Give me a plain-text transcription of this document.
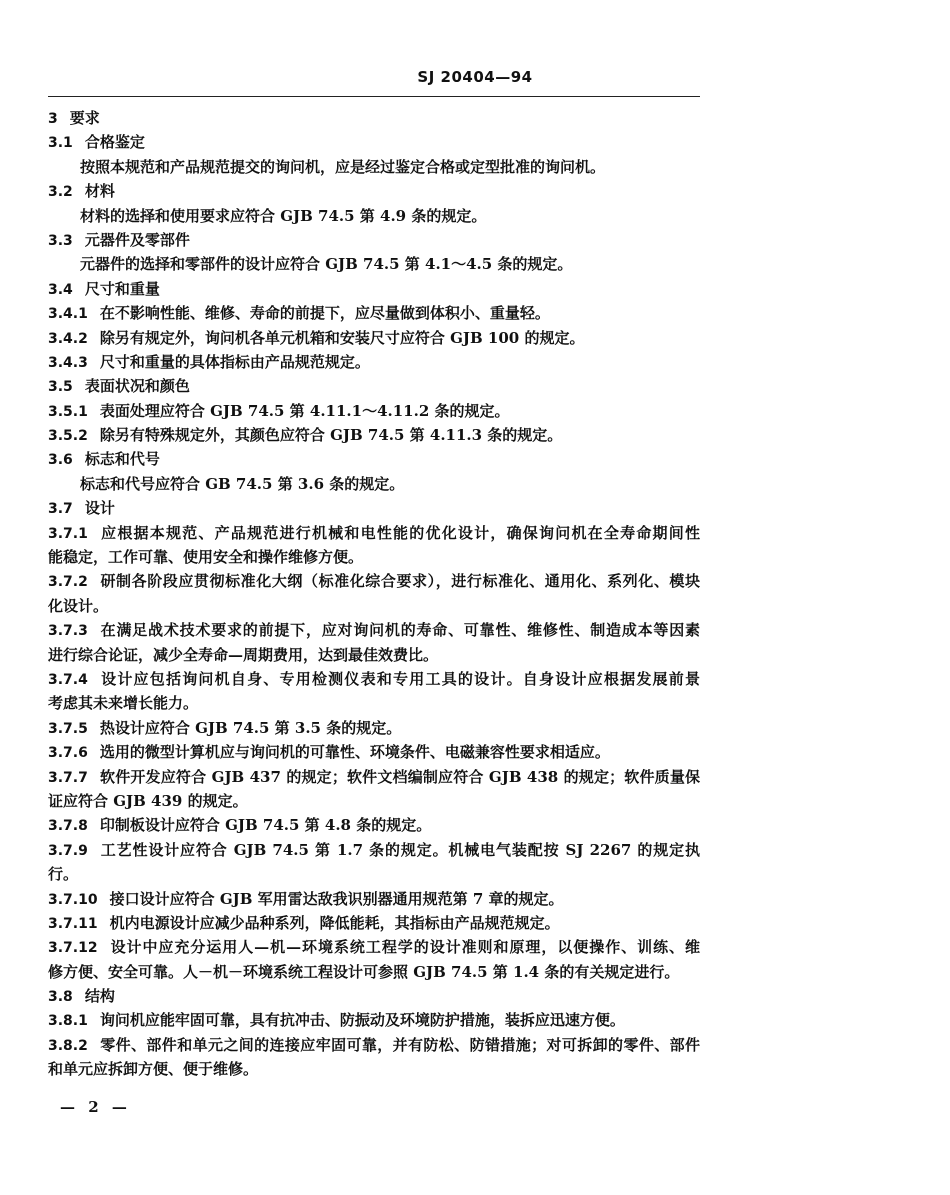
SJ 20404—94
3 要求
3.1 合格鉴定
按照本规范和产品规范提交的询问机，应是经过鉴定合格或定型批准的询问机。
3.2 材料
材料的选择和使用要求应符合 GJB 74.5 第 4.9 条的规定。
3.3 元器件及零部件
元器件的选择和零部件的设计应符合 GJB 74.5 第 4.1～4.5 条的规定。
3.4 尺寸和重量
3.4.1 在不影响性能、维修、寿命的前提下，应尽量做到体积小、重量轻。
3.4.2 除另有规定外，询问机各单元机箱和安装尺寸应符合 GJB 100 的规定。
3.4.3 尺寸和重量的具体指标由产品规范规定。
3.5 表面状况和颜色
3.5.1 表面处理应符合 GJB 74.5 第 4.11.1～4.11.2 条的规定。
3.5.2 除另有特殊规定外，其颜色应符合 GJB 74.5 第 4.11.3 条的规定。
3.6 标志和代号
标志和代号应符合 GB 74.5 第 3.6 条的规定。
3.7 设计
3.7.1 应根据本规范、产品规范进行机械和电性能的优化设计，确保询问机在全寿命期间性
能稳定，工作可靠、使用安全和操作维修方便。
3.7.2 研制各阶段应贯彻标准化大纲（标准化综合要求），进行标准化、通用化、系列化、模块
化设计。
3.7.3 在满足战术技术要求的前提下，应对询问机的寿命、可靠性、维修性、制造成本等因素
进行综合论证，减少全寿命—周期费用，达到最佳效费比。
3.7.4 设计应包括询问机自身、专用检测仪表和专用工具的设计。自身设计应根据发展前景
考虑其未来增长能力。
3.7.5 热设计应符合 GJB 74.5 第 3.5 条的规定。
3.7.6 选用的微型计算机应与询问机的可靠性、环境条件、电磁兼容性要求相适应。
3.7.7 软件开发应符合 GJB 437 的规定；软件文档编制应符合 GJB 438 的规定；软件质量保
证应符合 GJB 439 的规定。
3.7.8 印制板设计应符合 GJB 74.5 第 4.8 条的规定。
3.7.9 工艺性设计应符合 GJB 74.5 第 1.7 条的规定。机械电气装配按 SJ 2267 的规定执
行。
3.7.10 接口设计应符合 GJB 军用雷达敌我识别器通用规范第 7 章的规定。
3.7.11 机内电源设计应减少品种系列，降低能耗，其指标由产品规范规定。
3.7.12 设计中应充分运用人—机—环境系统工程学的设计准则和原理，以便操作、训练、维
修方便、安全可靠。人－机－环境系统工程设计可参照 GJB 74.5 第 1.4 条的有关规定进行。
3.8 结构
3.8.1 询问机应能牢固可靠，具有抗冲击、防振动及环境防护措施，装拆应迅速方便。
3.8.2 零件、部件和单元之间的连接应牢固可靠，并有防松、防错措施；对可拆卸的零件、部件
和单元应拆卸方便、便于维修。
— 2 —
